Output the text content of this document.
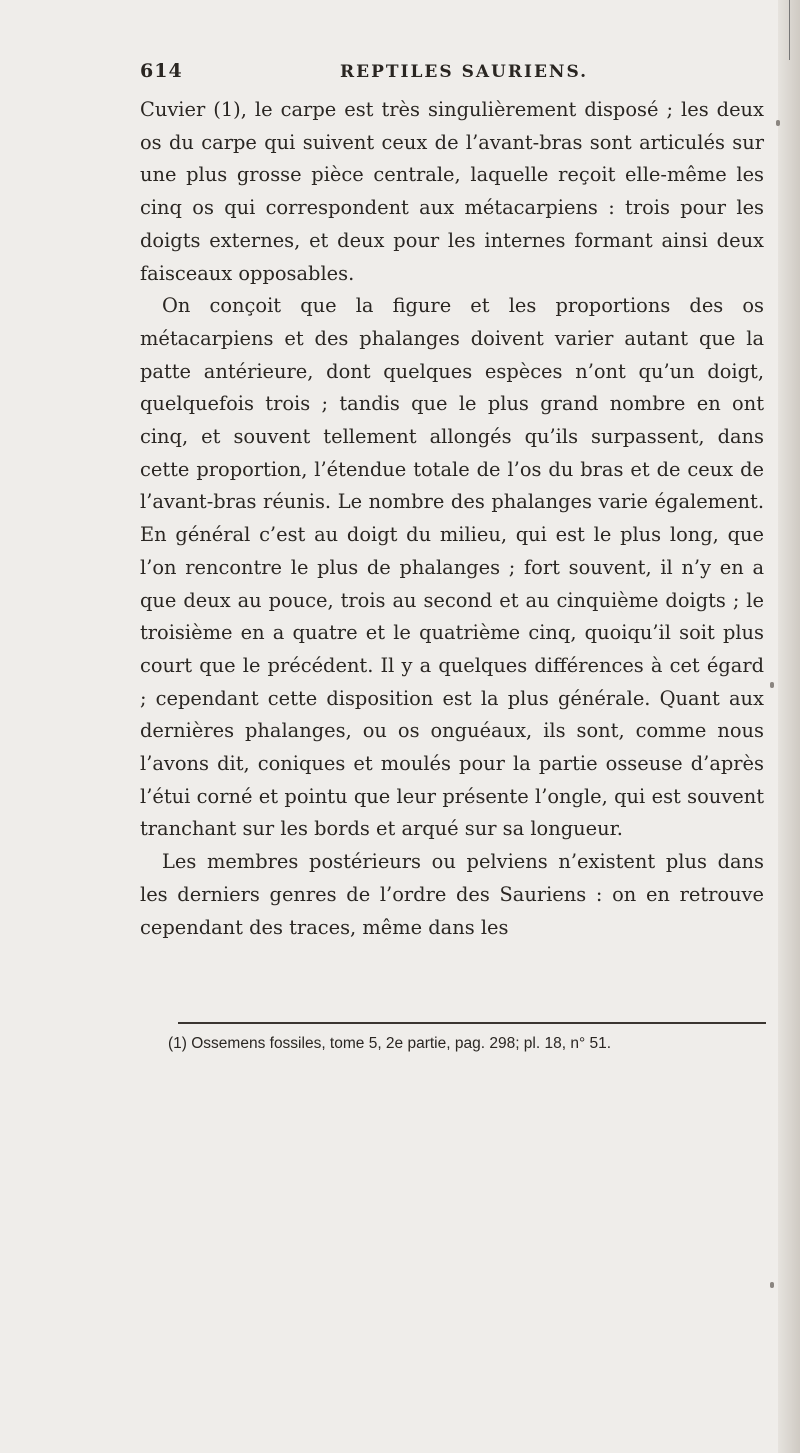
614	REPTILES SAURIENS.

Cuvier (1), le carpe est très singulièrement disposé ; les deux os du carpe qui suivent ceux de l’avant-bras sont articulés sur une plus grosse pièce centrale, laquelle reçoit elle-même les cinq os qui correspondent aux métacarpiens : trois pour les doigts externes, et deux pour les internes formant ainsi deux faisceaux opposables.

On conçoit que la figure et les proportions des os métacarpiens et des phalanges doivent varier autant que la patte antérieure, dont quelques espèces n’ont qu’un doigt, quelquefois trois ; tandis que le plus grand nombre en ont cinq, et souvent tellement allongés qu’ils surpassent, dans cette proportion, l’étendue totale de l’os du bras et de ceux de l’avant-bras réunis. Le nombre des phalanges varie également. En général c’est au doigt du milieu, qui est le plus long, que l’on rencontre le plus de phalanges ; fort souvent, il n’y en a que deux au pouce, trois au second et au cinquième doigts ; le troisième en a quatre et le quatrième cinq, quoiqu’il soit plus court que le précédent. Il y a quelques différences à cet égard ; cependant cette disposition est la plus générale. Quant aux dernières phalanges, ou os onguéaux, ils sont, comme nous l’avons dit, coniques et moulés pour la partie osseuse d’après l’étui corné et pointu que leur présente l’ongle, qui est souvent tranchant sur les bords et arqué sur sa longueur.

Les membres postérieurs ou pelviens n’existent plus dans les derniers genres de l’ordre des Sauriens : on en retrouve cependant des traces, même dans les

(1) Ossemens fossiles, tome 5, 2e partie, pag. 298; pl. 18, n° 51.
